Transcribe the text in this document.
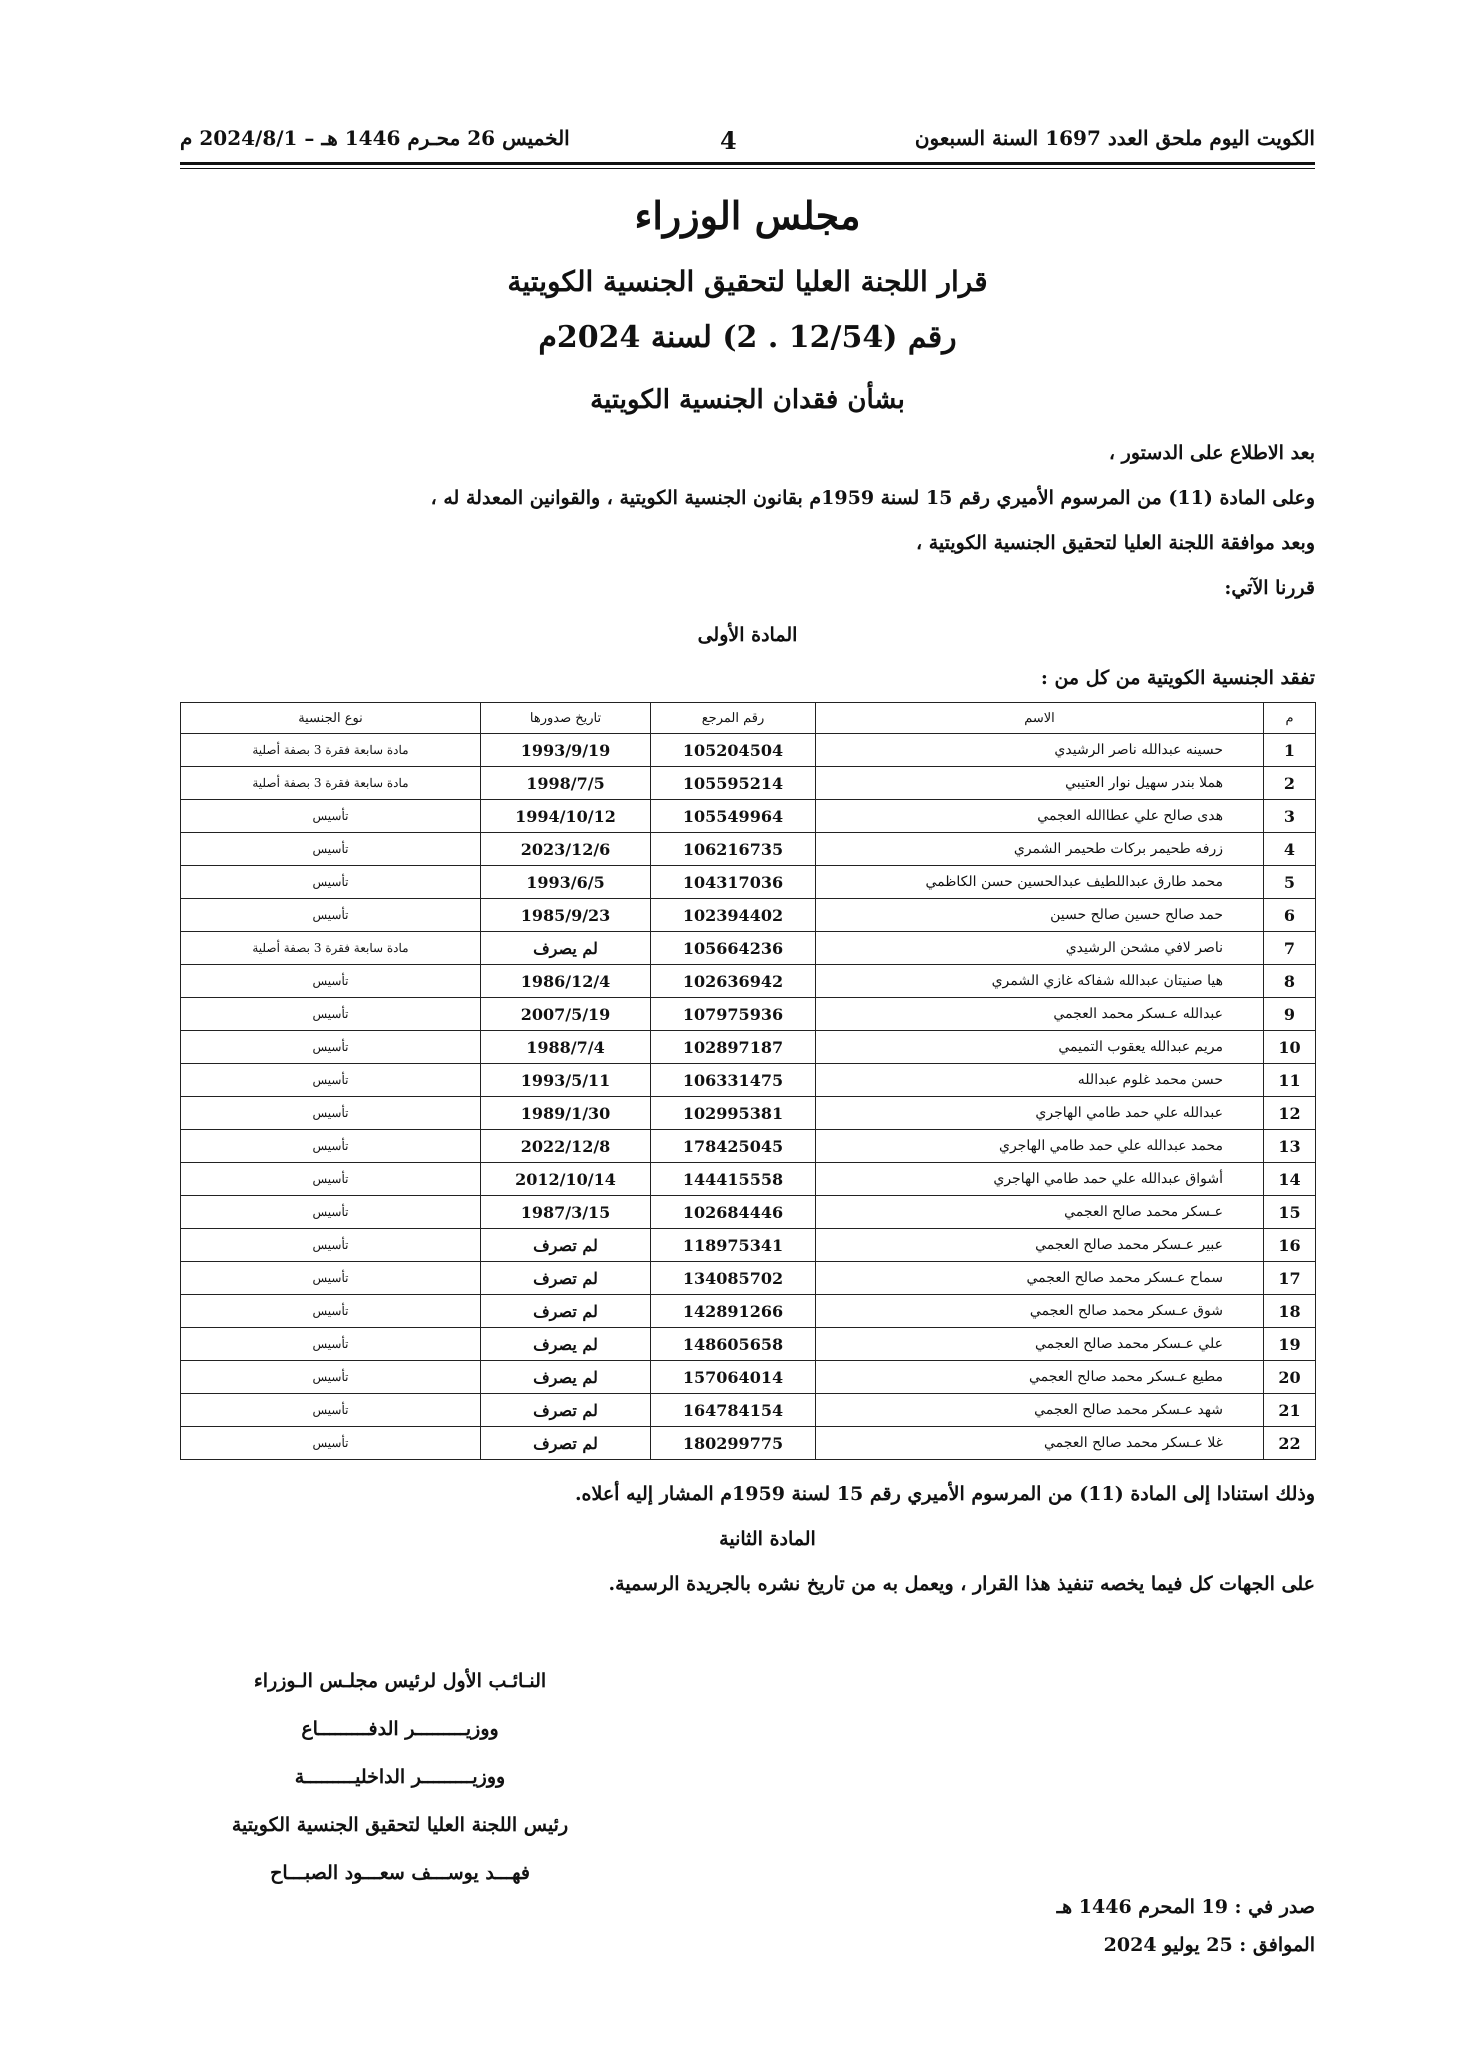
الكويت اليوم ملحق العدد 1697 السنة السبعون
4
الخميس 26 محـرم 1446 هـ – 2024/8/1 م
مجلس الوزراء
قرار اللجنة العليا لتحقيق الجنسية الكويتية
رقم (12/54 . 2) لسنة 2024م
بشأن فقدان الجنسية الكويتية
بعد الاطلاع على الدستور ،
وعلى المادة (11) من المرسوم الأميري رقم 15 لسنة 1959م بقانون الجنسية الكويتية ، والقوانين المعدلة له ،
وبعد موافقة اللجنة العليا لتحقيق الجنسية الكويتية ،
قررنا الآتي:
المادة الأولى
تفقد الجنسية الكويتية من كل من :
م	الاسم	رقم المرجع	تاريخ صدورها	نوع الجنسية
1	حسينه عبدالله ناصر الرشيدي	105204504	1993/9/19	مادة سابعة فقرة 3 بصفة أصلية
2	هملا بندر سهيل نوار العتيبي	105595214	1998/7/5	مادة سابعة فقرة 3 بصفة أصلية
3	هدى صالح علي عطاالله العجمي	105549964	1994/10/12	تأسيس
4	زرفه طحيمر بركات طحيمر الشمري	106216735	2023/12/6	تأسيس
5	محمد طارق عبداللطيف عبدالحسين حسن الكاظمي	104317036	1993/6/5	تأسيس
6	حمد صالح حسين صالح حسين	102394402	1985/9/23	تأسيس
7	ناصر لافي مشحن الرشيدي	105664236	لم يصرف	مادة سابعة فقرة 3 بصفة أصلية
8	هيا صنيتان عبدالله شفاكه غازي الشمري	102636942	1986/12/4	تأسيس
9	عبدالله عـسكر محمد العجمي	107975936	2007/5/19	تأسيس
10	مريم عبدالله يعقوب التميمي	102897187	1988/7/4	تأسيس
11	حسن محمد غلوم عبدالله	106331475	1993/5/11	تأسيس
12	عبدالله علي حمد طامي الهاجري	102995381	1989/1/30	تأسيس
13	محمد عبدالله علي حمد طامي الهاجري	178425045	2022/12/8	تأسيس
14	أشواق عبدالله علي حمد طامي الهاجري	144415558	2012/10/14	تأسيس
15	عـسكر محمد صالح العجمي	102684446	1987/3/15	تأسيس
16	عبير عـسكر محمد صالح العجمي	118975341	لم تصرف	تأسيس
17	سماح عـسكر محمد صالح العجمي	134085702	لم تصرف	تأسيس
18	شوق عـسكر محمد صالح العجمي	142891266	لم تصرف	تأسيس
19	علي عـسكر محمد صالح العجمي	148605658	لم يصرف	تأسيس
20	مطيع عـسكر محمد صالح العجمي	157064014	لم يصرف	تأسيس
21	شهد عـسكر محمد صالح العجمي	164784154	لم تصرف	تأسيس
22	غلا عـسكر محمد صالح العجمي	180299775	لم تصرف	تأسيس
وذلك استنادا إلى المادة (11) من المرسوم الأميري رقم 15 لسنة 1959م المشار إليه أعلاه.
المادة الثانية
على الجهات كل فيما يخصه تنفيذ هذا القرار ، ويعمل به من تاريخ نشره بالجريدة الرسمية.
النـائـب الأول لرئيس مجلـس الـوزراء
ووزيـــــــــر الدفـــــــــاع
ووزيـــــــــر الداخليـــــــــة
رئيس اللجنة العليا لتحقيق الجنسية الكويتية
فهـــد يوســـف سعـــود الصبـــاح
صدر في : 19 المحرم 1446 هـ
الموافق : 25 يوليو 2024
